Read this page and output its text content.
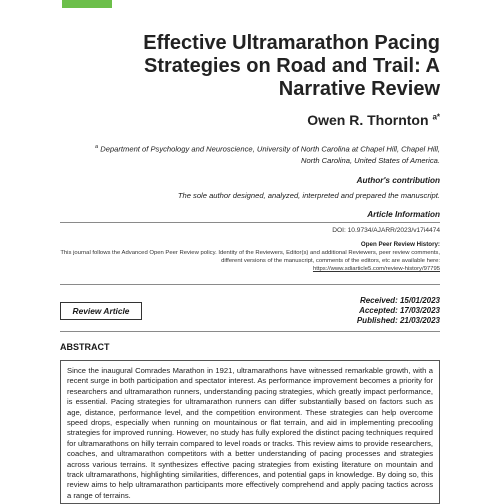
Effective Ultramarathon Pacing Strategies on Road and Trail: A Narrative Review
Owen R. Thornton $^{a*}$
$^a$ Department of Psychology and Neuroscience, University of North Carolina at Chapel Hill, Chapel Hill, North Carolina, United States of America.
Author's contribution
The sole author designed, analyzed, interpreted and prepared the manuscript.
Article Information
DOI: 10.9734/AJARR/2023/v17i4474
Open Peer Review History:
This journal follows the Advanced Open Peer Review policy. Identity of the Reviewers, Editor(s) and additional Reviewers, peer review comments, different versions of the manuscript, comments of the editors, etc are available here:
https://www.sdiarticle5.com/review-history/97795
Review Article
Received: 15/01/2023
Accepted: 17/03/2023
Published: 21/03/2023
ABSTRACT

Since the inaugural Comrades Marathon in 1921, ultramarathons have witnessed remarkable growth, with a recent surge in both participation and spectator interest. As performance improvement becomes a priority for researchers and ultramarathon runners, understanding pacing strategies, which greatly impact performance, is essential. Pacing strategies for ultramarathon runners can differ substantially based on factors such as age, distance, performance level, and the competition environment. These strategies can help overcome speed drops, especially when running on mountainous or flat terrain, and aid in implementing precooling strategies for improved running. However, no study has fully explored the distinct pacing techniques required for ultramarathons on hilly terrain compared to level roads or tracks. This review aims to provide researchers, coaches, and ultramarathon competitors with a better understanding of pacing processes and strategies across various terrains. It synthesizes effective pacing strategies from existing literature on mountain and track ultramarathons, highlighting similarities, differences, and potential gaps in knowledge. By doing so, this review aims to help ultramarathon participants more effectively comprehend and apply pacing tactics across a range of terrains.
